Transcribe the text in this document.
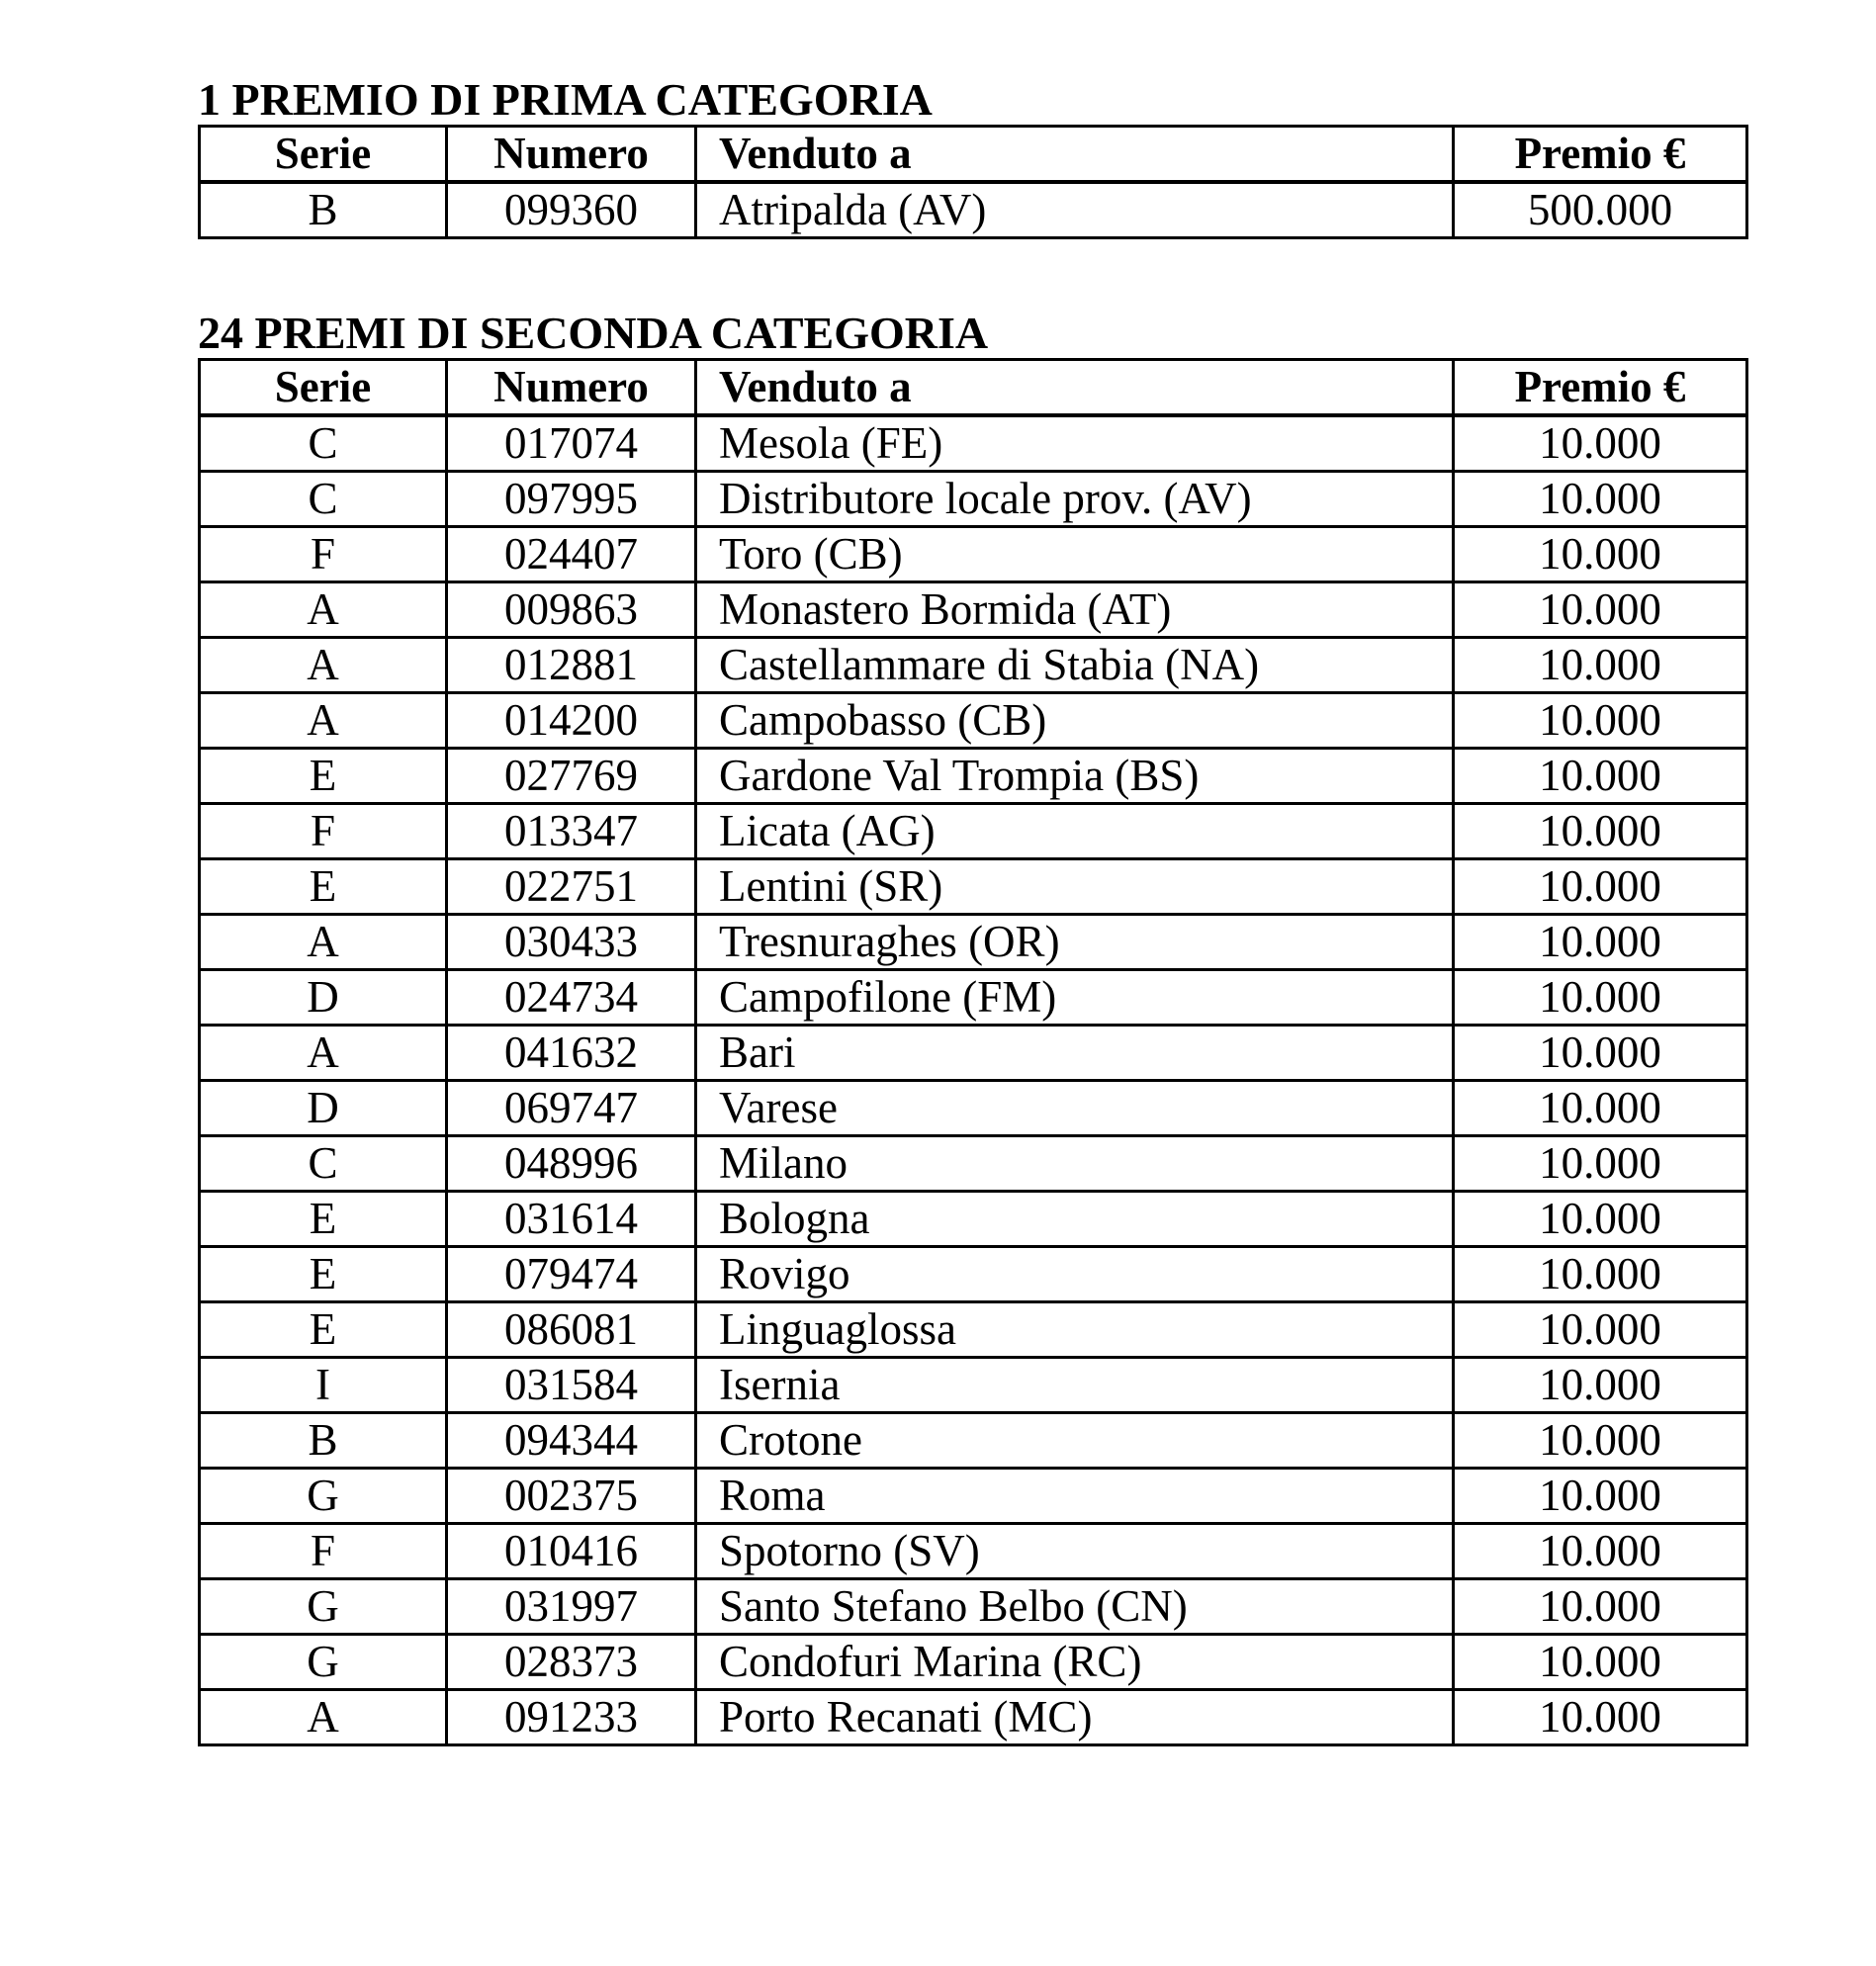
1 PREMIO DI PRIMA CATEGORIA
Serie	Numero	Venduto a	Premio €
B	099360	Atripalda (AV)	500.000
24 PREMI DI SECONDA CATEGORIA
Serie	Numero	Venduto a	Premio €
C	017074	Mesola (FE)	10.000
C	097995	Distributore locale prov. (AV)	10.000
F	024407	Toro (CB)	10.000
A	009863	Monastero Bormida (AT)	10.000
A	012881	Castellammare di Stabia (NA)	10.000
A	014200	Campobasso (CB)	10.000
E	027769	Gardone Val Trompia (BS)	10.000
F	013347	Licata (AG)	10.000
E	022751	Lentini (SR)	10.000
A	030433	Tresnuraghes (OR)	10.000
D	024734	Campofilone (FM)	10.000
A	041632	Bari	10.000
D	069747	Varese	10.000
C	048996	Milano	10.000
E	031614	Bologna	10.000
E	079474	Rovigo	10.000
E	086081	Linguaglossa	10.000
I	031584	Isernia	10.000
B	094344	Crotone	10.000
G	002375	Roma	10.000
F	010416	Spotorno (SV)	10.000
G	031997	Santo Stefano Belbo (CN)	10.000
G	028373	Condofuri Marina (RC)	10.000
A	091233	Porto Recanati (MC)	10.000
